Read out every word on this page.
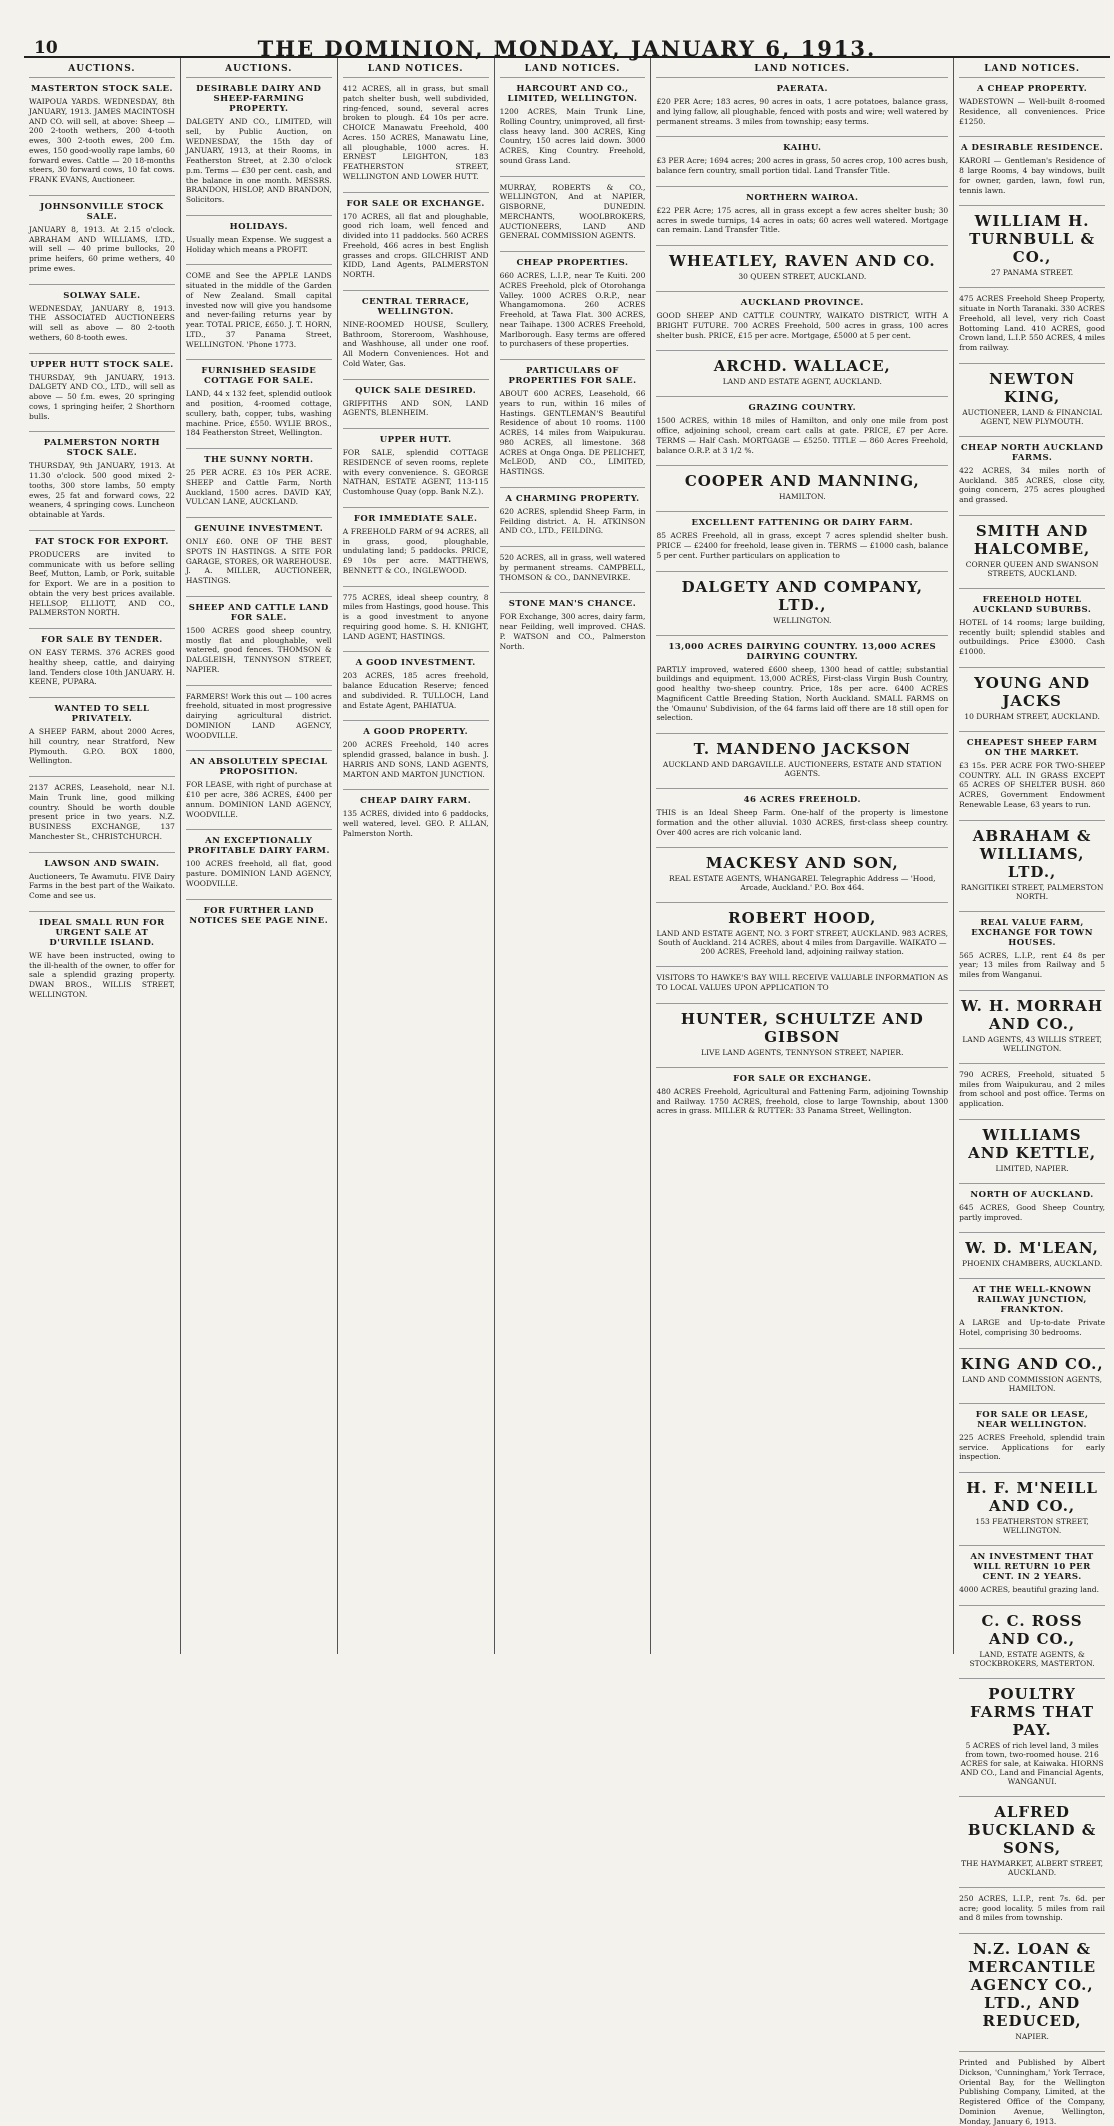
10	THE DOMINION, MONDAY, JANUARY 6, 1913.
AUCTIONS.
MASTERTON STOCK SALE.
WAIPOUA YARDS. WEDNESDAY, 8th JANUARY, 1913. JAMES MACINTOSH AND CO. will sell, at above: Sheep — 200 2-tooth wethers, 200 4-tooth ewes, 300 2-tooth ewes, 200 f.m. ewes, 150 good-woolly rape lambs, 60 forward ewes. Cattle — 20 18-months steers, 30 forward cows, 10 fat cows. FRANK EVANS, Auctioneer.
JOHNSONVILLE STOCK SALE.
JANUARY 8, 1913. At 2.15 o'clock. ABRAHAM AND WILLIAMS, LTD., will sell — 40 prime bullocks, 20 prime heifers, 60 prime wethers, 40 prime ewes.
SOLWAY SALE.
WEDNESDAY, JANUARY 8, 1913. THE ASSOCIATED AUCTIONEERS will sell as above — 80 2-tooth wethers, 60 8-tooth ewes.
UPPER HUTT STOCK SALE.
THURSDAY, 9th JANUARY, 1913. DALGETY AND CO., LTD., will sell as above — 50 f.m. ewes, 20 springing cows, 1 springing heifer, 2 Shorthorn bulls.
PALMERSTON NORTH STOCK SALE.
THURSDAY, 9th JANUARY, 1913. At 11.30 o'clock. 500 good mixed 2-tooths, 300 store lambs, 50 empty ewes, 25 fat and forward cows, 22 weaners, 4 springing cows. Luncheon obtainable at Yards.
FAT STOCK FOR EXPORT.
PRODUCERS are invited to communicate with us before selling Beef, Mutton, Lamb, or Pork, suitable for Export. We are in a position to obtain the very best prices available. HELLSOP, ELLIOTT, AND CO., PALMERSTON NORTH.
FOR SALE BY TENDER.
ON EASY TERMS. 376 ACRES good healthy sheep, cattle, and dairying land. Tenders close 10th JANUARY. H. KEENE, PUPARA.
WANTED TO SELL PRIVATELY.
A SHEEP FARM, about 2000 Acres, hill country, near Stratford, New Plymouth. G.P.O. BOX 1800, Wellington.
2137 ACRES, Leasehold, near N.I. Main Trunk line, good milking country. Should be worth double present price in two years. N.Z. BUSINESS EXCHANGE, 137 Manchester St., CHRISTCHURCH.
LAWSON AND SWAIN.
Auctioneers, Te Awamutu. FIVE Dairy Farms in the best part of the Waikato. Come and see us.
IDEAL SMALL RUN FOR URGENT SALE AT D'URVILLE ISLAND.
WE have been instructed, owing to the ill-health of the owner, to offer for sale a splendid grazing property. DWAN BROS., WILLIS STREET, WELLINGTON.
AUCTIONS.
DESIRABLE DAIRY AND SHEEP-FARMING PROPERTY.
DALGETY AND CO., LIMITED, will sell, by Public Auction, on WEDNESDAY, the 15th day of JANUARY, 1913, at their Rooms, in Featherston Street, at 2.30 o'clock p.m. Terms — £30 per cent. cash, and the balance in one month. MESSRS. BRANDON, HISLOP, AND BRANDON, Solicitors.
HOLIDAYS.
Usually mean Expense. We suggest a Holiday which means a PROFIT.
COME and See the APPLE LANDS situated in the middle of the Garden of New Zealand. Small capital invested now will give you handsome and never-failing returns year by year. TOTAL PRICE, £650. J. T. HORN, LTD., 37 Panama Street, WELLINGTON. 'Phone 1773.
FURNISHED SEASIDE COTTAGE FOR SALE.
LAND, 44 x 132 feet, splendid outlook and position, 4-roomed cottage, scullery, bath, copper, tubs, washing machine. Price, £550. WYLIE BROS., 184 Featherston Street, Wellington.
THE SUNNY NORTH.
25 PER ACRE. £3 10s PER ACRE. SHEEP and Cattle Farm, North Auckland, 1500 acres. DAVID KAY, VULCAN LANE, AUCKLAND.
GENUINE INVESTMENT.
ONLY £60. ONE OF THE BEST SPOTS IN HASTINGS. A SITE FOR GARAGE, STORES, OR WAREHOUSE. J. A. MILLER, AUCTIONEER, HASTINGS.
SHEEP AND CATTLE LAND FOR SALE.
1500 ACRES good sheep country, mostly flat and ploughable, well watered, good fences. THOMSON & DALGLEISH, TENNYSON STREET, NAPIER.
FARMERS! Work this out — 100 acres freehold, situated in most progressive dairying agricultural district. DOMINION LAND AGENCY, WOODVILLE.
AN ABSOLUTELY SPECIAL PROPOSITION.
FOR LEASE, with right of purchase at £10 per acre, 386 ACRES, £400 per annum. DOMINION LAND AGENCY, WOODVILLE.
AN EXCEPTIONALLY PROFITABLE DAIRY FARM.
100 ACRES freehold, all flat, good pasture. DOMINION LAND AGENCY, WOODVILLE.
FOR FURTHER LAND NOTICES SEE PAGE NINE.
LAND NOTICES.
412 ACRES, all in grass, but small patch shelter bush, well subdivided, ring-fenced, sound, several acres broken to plough. £4 10s per acre. CHOICE Manawatu Freehold, 400 Acres. 150 ACRES, Manawatu Line, all ploughable, 1000 acres. H. ERNEST LEIGHTON, 183 FEATHERSTON STREET, WELLINGTON AND LOWER HUTT.
FOR SALE OR EXCHANGE.
170 ACRES, all flat and ploughable, good rich loam, well fenced and divided into 11 paddocks. 560 ACRES Freehold, 466 acres in best English grasses and crops. GILCHRIST AND KIDD, Land Agents, PALMERSTON NORTH.
CENTRAL TERRACE, WELLINGTON.
NINE-ROOMED HOUSE, Scullery, Bathroom, Storeroom, Washhouse, and Washhouse, all under one roof. All Modern Conveniences. Hot and Cold Water, Gas.
QUICK SALE DESIRED.
GRIFFITHS AND SON, LAND AGENTS, BLENHEIM.
UPPER HUTT.
FOR SALE, splendid COTTAGE RESIDENCE of seven rooms, replete with every convenience. S. GEORGE NATHAN, ESTATE AGENT, 113-115 Customhouse Quay (opp. Bank N.Z.).
FOR IMMEDIATE SALE.
A FREEHOLD FARM of 94 ACRES, all in grass, good, ploughable, undulating land; 5 paddocks. PRICE, £9 10s per acre. MATTHEWS, BENNETT & CO., INGLEWOOD.
775 ACRES, ideal sheep country, 8 miles from Hastings, good house. This is a good investment to anyone requiring good home. S. H. KNIGHT, LAND AGENT, HASTINGS.
A GOOD INVESTMENT.
203 ACRES, 185 acres freehold, balance Education Reserve; fenced and subdivided. R. TULLOCH, Land and Estate Agent, PAHIATUA.
A GOOD PROPERTY.
200 ACRES Freehold, 140 acres splendid grassed, balance in bush. J. HARRIS AND SONS, LAND AGENTS, MARTON AND MARTON JUNCTION.
CHEAP DAIRY FARM.
135 ACRES, divided into 6 paddocks, well watered, level. GEO. P. ALLAN, Palmerston North.
LAND NOTICES.
HARCOURT AND CO., LIMITED, WELLINGTON.
1200 ACRES, Main Trunk Line, Rolling Country, unimproved, all first-class heavy land. 300 ACRES, King Country, 150 acres laid down. 3000 ACRES, King Country. Freehold, sound Grass Land.
MURRAY, ROBERTS & CO., WELLINGTON, And at NAPIER, GISBORNE, DUNEDIN. MERCHANTS, WOOLBROKERS, AUCTIONEERS, LAND AND GENERAL COMMISSION AGENTS.
CHEAP PROPERTIES.
660 ACRES, L.I.P., near Te Kuiti. 200 ACRES Freehold, plck of Otorohanga Valley. 1000 ACRES O.R.P., near Whangamomona. 260 ACRES Freehold, at Tawa Flat. 300 ACRES, near Taihape. 1300 ACRES Freehold, Marlborough. Easy terms are offered to purchasers of these properties.
PARTICULARS OF PROPERTIES FOR SALE.
ABOUT 600 ACRES, Leasehold, 66 years to run, within 16 miles of Hastings. GENTLEMAN'S Beautiful Residence of about 10 rooms. 1100 ACRES, 14 miles from Waipukurau. 980 ACRES, all limestone. 368 ACRES at Onga Onga. DE PELICHET, McLEOD, AND CO., LIMITED, HASTINGS.
A CHARMING PROPERTY.
620 ACRES, splendid Sheep Farm, in Feilding district. A. H. ATKINSON AND CO., LTD., FEILDING.
520 ACRES, all in grass, well watered by permanent streams. CAMPBELL, THOMSON & CO., DANNEVIRKE.
STONE MAN'S CHANCE.
FOR Exchange, 300 acres, dairy farm, near Feilding, well improved. CHAS. P. WATSON and CO., Palmerston North.
LAND NOTICES.
PAERATA.
£20 PER Acre; 183 acres, 90 acres in oats, 1 acre potatoes, balance grass, and lying fallow, all ploughable, fenced with posts and wire; well watered by permanent streams. 3 miles from township; easy terms.
KAIHU.
£3 PER Acre; 1694 acres; 200 acres in grass, 50 acres crop, 100 acres bush, balance fern country, small portion tidal. Land Transfer Title.
NORTHERN WAIROA.
£22 PER Acre; 175 acres, all in grass except a few acres shelter bush; 30 acres in swede turnips, 14 acres in oats; 60 acres well watered. Mortgage can remain. Land Transfer Title.
WHEATLEY, RAVEN AND CO.
30 QUEEN STREET, AUCKLAND.
AUCKLAND PROVINCE.
GOOD SHEEP AND CATTLE COUNTRY, WAIKATO DISTRICT, WITH A BRIGHT FUTURE. 700 ACRES Freehold, 500 acres in grass, 100 acres shelter bush. PRICE, £15 per acre. Mortgage, £5000 at 5 per cent.
ARCHD. WALLACE,
LAND AND ESTATE AGENT, AUCKLAND.
GRAZING COUNTRY.
1500 ACRES, within 18 miles of Hamilton, and only one mile from post office, adjoining school, cream cart calls at gate. PRICE, £7 per Acre. TERMS — Half Cash. MORTGAGE — £5250. TITLE — 860 Acres Freehold, balance O.R.P. at 3 1/2 %.
COOPER AND MANNING,
HAMILTON.
EXCELLENT FATTENING OR DAIRY FARM.
85 ACRES Freehold, all in grass, except 7 acres splendid shelter bush. PRICE — £2400 for freehold, lease given in. TERMS — £1000 cash, balance 5 per cent. Further particulars on application to
DALGETY AND COMPANY, LTD.,
WELLINGTON.
13,000 ACRES DAIRYING COUNTRY. 13,000 ACRES DAIRYING COUNTRY.
PARTLY improved, watered £600 sheep, 1300 head of cattle; substantial buildings and equipment. 13,000 ACRES, First-class Virgin Bush Country, good healthy two-sheep country. Price, 18s per acre. 6400 ACRES Magnificent Cattle Breeding Station, North Auckland. SMALL FARMS on the 'Omaunu' Subdivision, of the 64 farms laid off there are 18 still open for selection.
T. MANDENO JACKSON
AUCKLAND AND DARGAVILLE. AUCTIONEERS, ESTATE AND STATION AGENTS.
46 ACRES FREEHOLD.
THIS is an Ideal Sheep Farm. One-half of the property is limestone formation and the other alluvial. 1030 ACRES, first-class sheep country. Over 400 acres are rich volcanic land.
MACKESY AND SON,
REAL ESTATE AGENTS, WHANGAREI. Telegraphic Address — 'Hood, Arcade, Auckland.' P.O. Box 464.
ROBERT HOOD,
LAND AND ESTATE AGENT, NO. 3 FORT STREET, AUCKLAND. 983 ACRES, South of Auckland. 214 ACRES, about 4 miles from Dargaville. WAIKATO — 200 ACRES, Freehold land, adjoining railway station.
VISITORS TO HAWKE'S BAY WILL RECEIVE VALUABLE INFORMATION AS TO LOCAL VALUES UPON APPLICATION TO
HUNTER, SCHULTZE AND GIBSON
LIVE LAND AGENTS, TENNYSON STREET, NAPIER.
FOR SALE OR EXCHANGE.
480 ACRES Freehold, Agricultural and Fattening Farm, adjoining Township and Railway. 1750 ACRES, freehold, close to large Township, about 1300 acres in grass. MILLER & RUTTER: 33 Panama Street, Wellington.
LAND NOTICES.
A CHEAP PROPERTY.
WADESTOWN — Well-built 8-roomed Residence, all conveniences. Price £1250.
A DESIRABLE RESIDENCE.
KARORI — Gentleman's Residence of 8 large Rooms, 4 bay windows, built for owner, garden, lawn, fowl run, tennis lawn.
WILLIAM H. TURNBULL & CO.,
27 PANAMA STREET.
475 ACRES Freehold Sheep Property, situate in North Taranaki. 330 ACRES Freehold, all level, very rich Coast Bottoming Land. 410 ACRES, good Crown land, L.I.P. 550 ACRES, 4 miles from railway.
NEWTON KING,
AUCTIONEER, LAND & FINANCIAL AGENT, NEW PLYMOUTH.
CHEAP NORTH AUCKLAND FARMS.
422 ACRES, 34 miles north of Auckland. 385 ACRES, close city, going concern, 275 acres ploughed and grassed.
SMITH AND HALCOMBE,
CORNER QUEEN AND SWANSON STREETS, AUCKLAND.
FREEHOLD HOTEL AUCKLAND SUBURBS.
HOTEL of 14 rooms; large building, recently built; splendid stables and outbuildings. Price £3000. Cash £1000.
YOUNG AND JACKS
10 DURHAM STREET, AUCKLAND.
CHEAPEST SHEEP FARM ON THE MARKET.
£3 15s. PER ACRE FOR TWO-SHEEP COUNTRY. ALL IN GRASS EXCEPT 65 ACRES OF SHELTER BUSH. 860 ACRES, Government Endowment Renewable Lease, 63 years to run.
ABRAHAM & WILLIAMS, LTD.,
RANGITIKEI STREET, PALMERSTON NORTH.
REAL VALUE FARM, EXCHANGE FOR TOWN HOUSES.
565 ACRES, L.I.P., rent £4 8s per year; 13 miles from Railway and 5 miles from Wanganui.
W. H. MORRAH AND CO.,
LAND AGENTS, 43 WILLIS STREET, WELLINGTON.
790 ACRES, Freehold, situated 5 miles from Waipukurau, and 2 miles from school and post office. Terms on application.
WILLIAMS AND KETTLE,
LIMITED, NAPIER.
NORTH OF AUCKLAND.
645 ACRES, Good Sheep Country, partly improved.
W. D. M'LEAN,
PHOENIX CHAMBERS, AUCKLAND.
AT THE WELL-KNOWN RAILWAY JUNCTION, FRANKTON.
A LARGE and Up-to-date Private Hotel, comprising 30 bedrooms.
KING AND CO.,
LAND AND COMMISSION AGENTS, HAMILTON.
FOR SALE OR LEASE, NEAR WELLINGTON.
225 ACRES Freehold, splendid train service. Applications for early inspection.
H. F. M'NEILL AND CO.,
153 FEATHERSTON STREET, WELLINGTON.
AN INVESTMENT THAT WILL RETURN 10 PER CENT. IN 2 YEARS.
4000 ACRES, beautiful grazing land.
C. C. ROSS AND CO.,
LAND, ESTATE AGENTS, & STOCKBROKERS, MASTERTON.
POULTRY FARMS THAT PAY.
5 ACRES of rich level land, 3 miles from town, two-roomed house. 216 ACRES for sale, at Kaiwaka. HIORNS AND CO., Land and Financial Agents, WANGANUI.
ALFRED BUCKLAND & SONS,
THE HAYMARKET, ALBERT STREET, AUCKLAND.
250 ACRES, L.I.P., rent 7s. 6d. per acre; good locality. 5 miles from rail and 8 miles from township.
N.Z. LOAN & MERCANTILE AGENCY CO., LTD., AND REDUCED,
NAPIER.
Printed and Published by Albert Dickson, 'Cunningham,' York Terrace, Oriental Bay, for the Wellington Publishing Company, Limited, at the Registered Office of the Company, Dominion Avenue, Wellington, Monday, January 6, 1913.
